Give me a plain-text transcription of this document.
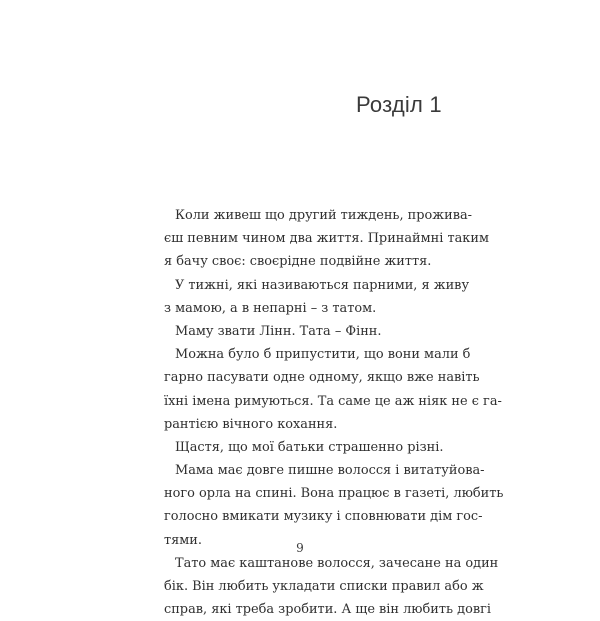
Розділ 1
Коли живеш що другий тиждень, прожива-
єш певним чином два життя. Принаймні таким
я бачу своє: своєрідне подвійне життя.
У тижні, які називаються парними, я живу
з мамою, а в непарні – з татом.
Маму звати Лінн. Тата – Фінн.
Можна було б припустити, що вони мали б
гарно пасувати одне одному, якщо вже навіть
їхні імена римуються. Та саме це аж ніяк не є га-
рантією вічного кохання.
Щастя, що мої батьки страшенно різні.
Мама має довге пишне волосся і витатуйова-
ного орла на спині. Вона працює в газеті, любить
голосно вмикати музику і сповнювати дім гос-
тями.
Тато має каштанове волосся, зачесане на один
бік. Він любить укладати списки правил або ж
справ, які треба зробити. А ще він любить довгі
9
